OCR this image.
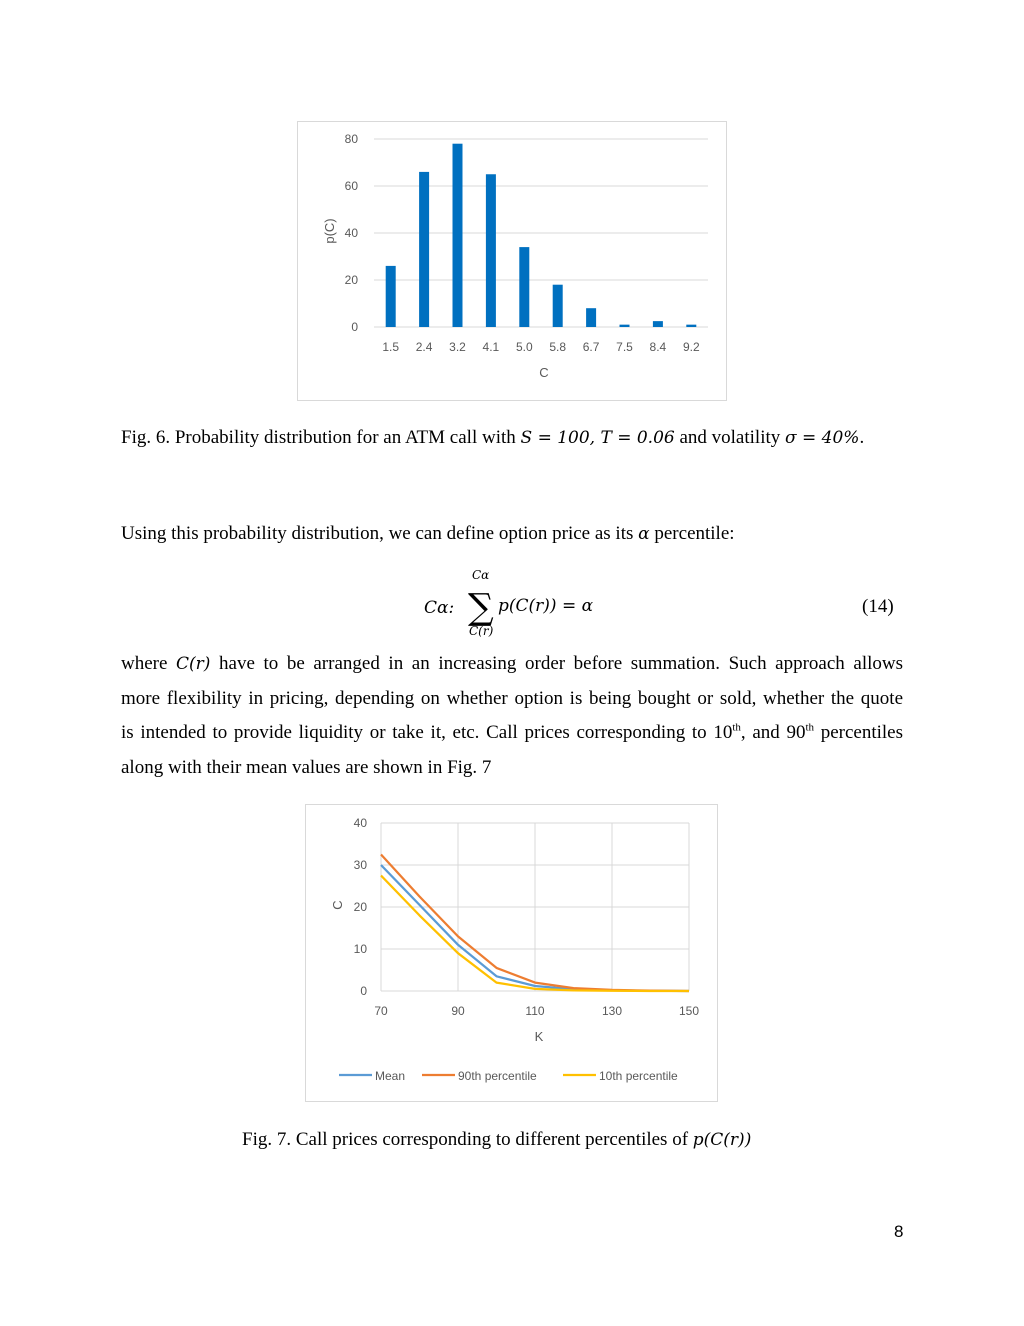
0
20
40
60
80
1.5 2.4 3.2 4.1 5.0 5.8 6.7 7.5 8.4 9.2
C
p(C)
Fig. 6. Probability distribution for an ATM call with 𝑆 = 100, 𝑇 = 0.06 and volatility 𝜎 = 40%.
Using this probability distribution, we can define option price as its 𝛼 percentile:
𝐶𝛼:
𝐶𝛼
∑
𝐶(𝑟)
𝑝(𝐶(𝑟)) = 𝛼	(14)
where 𝐶(𝑟) have to be arranged in an increasing order before summation. Such approach allows
more flexibility in pricing, depending on whether option is being bought or sold, whether the quote
is intended to provide liquidity or take it, etc. Call prices corresponding to 10th, and 90th percentiles
along with their mean values are shown in Fig. 7
0
10
20
30
40
70	90	110	130	150
K
C
Mean	90th percentile	10th percentile
Fig. 7. Call prices corresponding to different percentiles of 𝑝(𝐶(𝑟))
8
